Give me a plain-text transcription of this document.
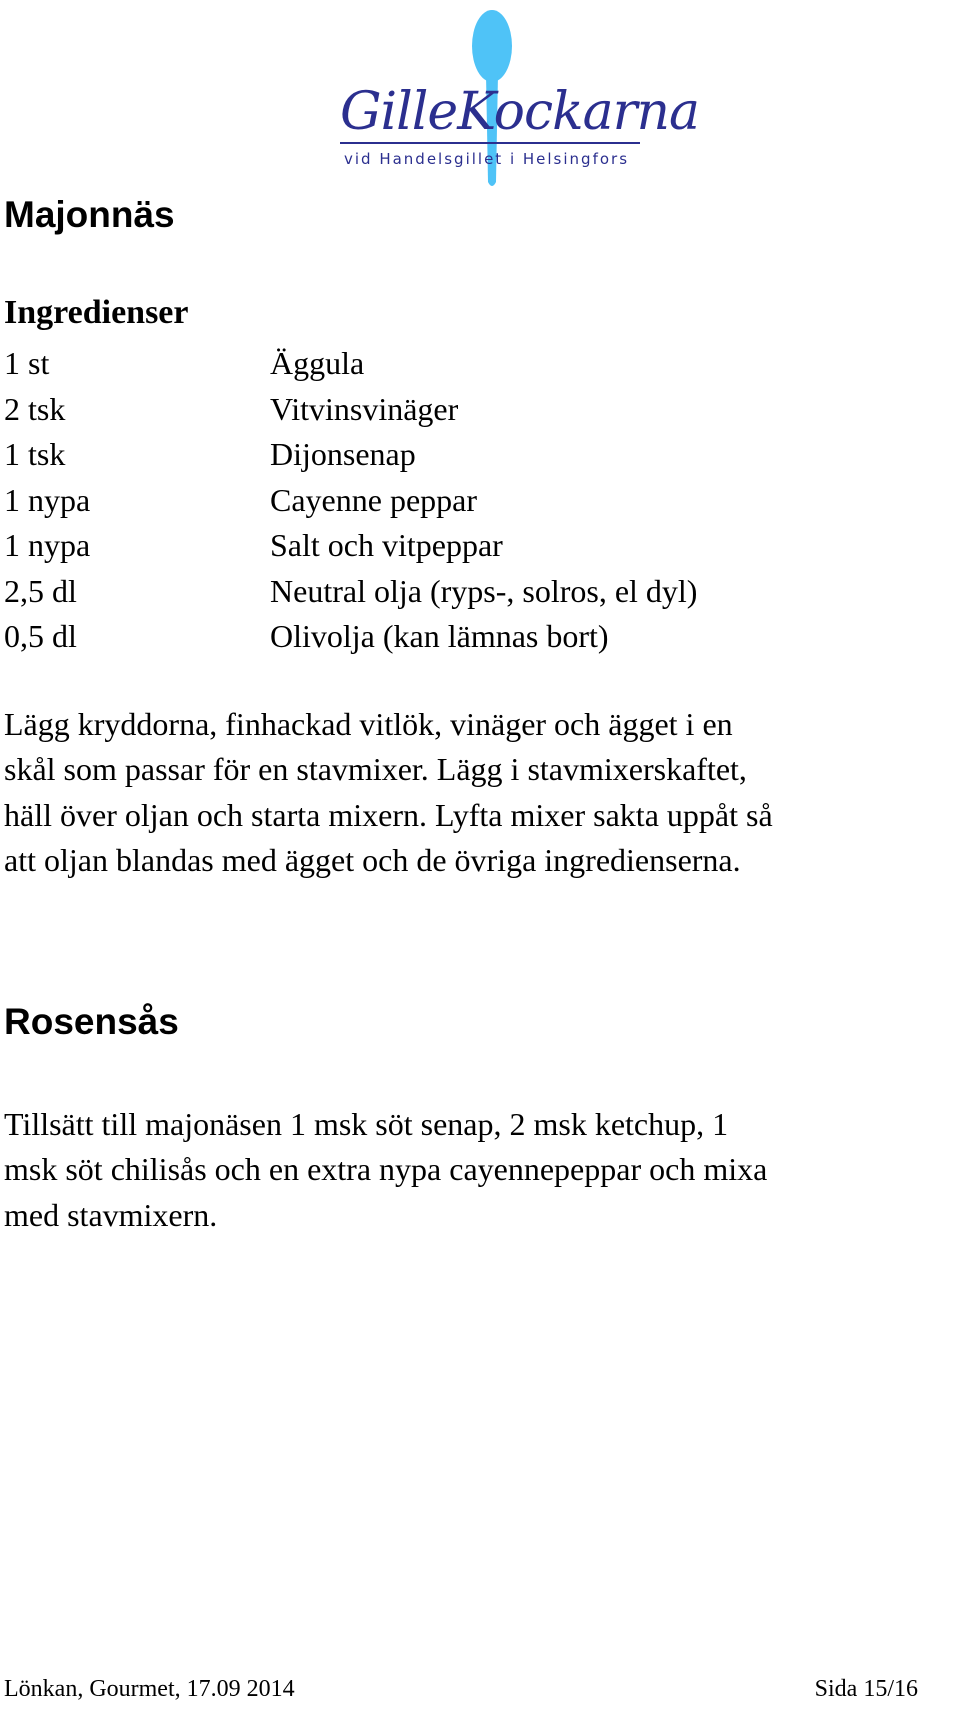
GilleKockarna
vid Handelsgillet i Helsingfors
Majonnäs
Ingredienser
1 st	Äggula
2 tsk	Vitvinsvinäger
1 tsk	Dijonsenap
1 nypa	Cayenne peppar
1 nypa	Salt och vitpeppar
2,5 dl	Neutral olja (ryps-, solros, el dyl)
0,5 dl	Olivolja (kan lämnas bort)

Lägg kryddorna, finhackad vitlök, vinäger och ägget i en
skål som passar för en stavmixer. Lägg i stavmixerskaftet,
häll över oljan och starta mixern. Lyfta mixer sakta uppåt så
att oljan blandas med ägget och de övriga ingredienserna.

Rosensås

Tillsätt till majonäsen 1 msk söt senap, 2 msk ketchup, 1
msk söt chilisås och en extra nypa cayennepeppar och mixa
med stavmixern.

Lönkan, Gourmet, 17.09 2014	Sida 15/16
